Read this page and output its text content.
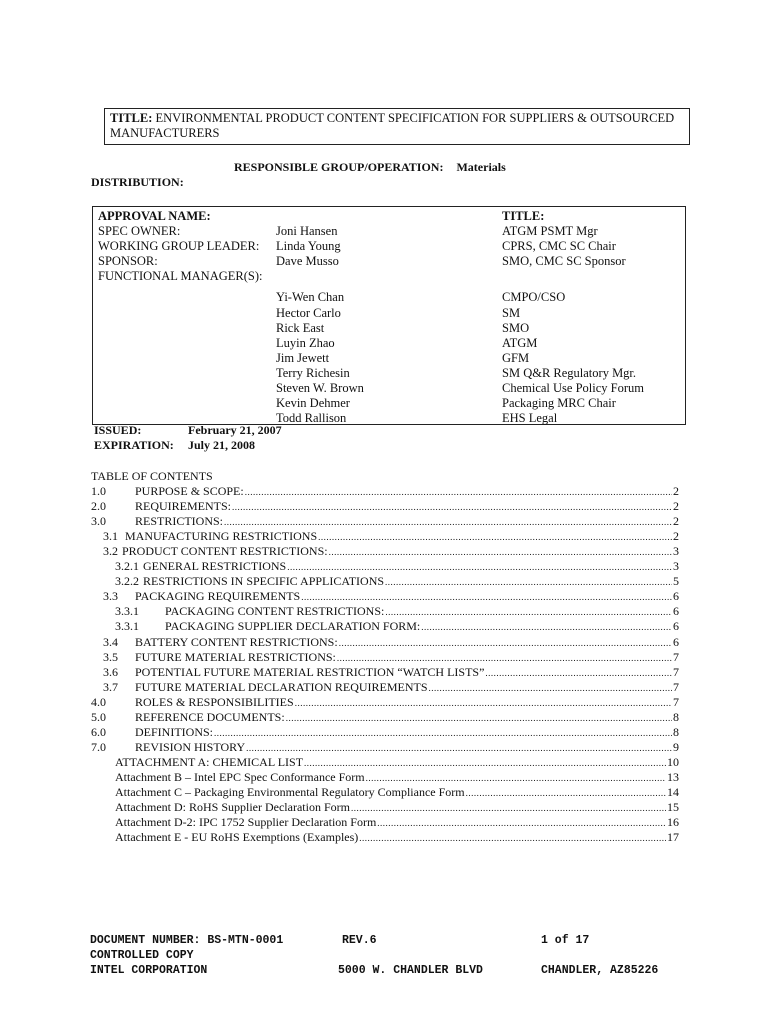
TITLE: ENVIRONMENTAL PRODUCT CONTENT SPECIFICATION FOR SUPPLIERS & OUTSOURCED MANUFACTURERS
RESPONSIBLE GROUP/OPERATION: Materials
DISTRIBUTION:
APPROVAL NAME:	TITLE:
SPEC OWNER:	Joni Hansen	ATGM PSMT Mgr
WORKING GROUP LEADER: Linda Young	CPRS, CMC SC Chair
SPONSOR:	Dave Musso	SMO, CMC SC Sponsor
FUNCTIONAL MANAGER(S):
Yi-Wen Chan	CMPO/CSO
Hector Carlo	SM
Rick East	SMO
Luyin Zhao	ATGM
Jim Jewett	GFM
Terry Richesin	SM Q&R Regulatory Mgr.
Steven W. Brown	Chemical Use Policy Forum
Kevin Dehmer	Packaging MRC Chair
Todd Rallison	EHS Legal
ISSUED:	February 21, 2007
EXPIRATION: July 21, 2008
TABLE OF CONTENTS
1.0	PURPOSE & SCOPE: .....	2
2.0	REQUIREMENTS: .....	2
3.0	RESTRICTIONS: .....	2
3.1 MANUFACTURING RESTRICTIONS .....	2
3.2 PRODUCT CONTENT RESTRICTIONS: .....	3
3.2.1 GENERAL RESTRICTIONS .....	3
3.2.2 RESTRICTIONS IN SPECIFIC APPLICATIONS .....	5
3.3	PACKAGING REQUIREMENTS .....	6
3.3.1	PACKAGING CONTENT RESTRICTIONS: .....	6
3.3.1	PACKAGING SUPPLIER DECLARATION FORM: .....	6
3.4	BATTERY CONTENT RESTRICTIONS: .....	6
3.5	FUTURE MATERIAL RESTRICTIONS: .....	7
3.6	POTENTIAL FUTURE MATERIAL RESTRICTION “WATCH LISTS” .....	7
3.7	FUTURE MATERIAL DECLARATION REQUIREMENTS .....	7
4.0	ROLES & RESPONSIBILITIES .....	7
5.0	REFERENCE DOCUMENTS: .....	8
6.0	DEFINITIONS: .....	8
7.0	REVISION HISTORY .....	9
ATTACHMENT A: CHEMICAL LIST .....	10
Attachment B – Intel EPC Spec Conformance Form .....	13
Attachment C – Packaging Environmental Regulatory Compliance Form .....	14
Attachment D: RoHS Supplier Declaration Form .....	15
Attachment D-2: IPC 1752 Supplier Declaration Form .....	16
Attachment E - EU RoHS Exemptions (Examples) .....	17
DOCUMENT NUMBER: BS-MTN-0001	REV.6	1 of 17
CONTROLLED COPY
INTEL CORPORATION	5000 W. CHANDLER BLVD	CHANDLER, AZ85226
